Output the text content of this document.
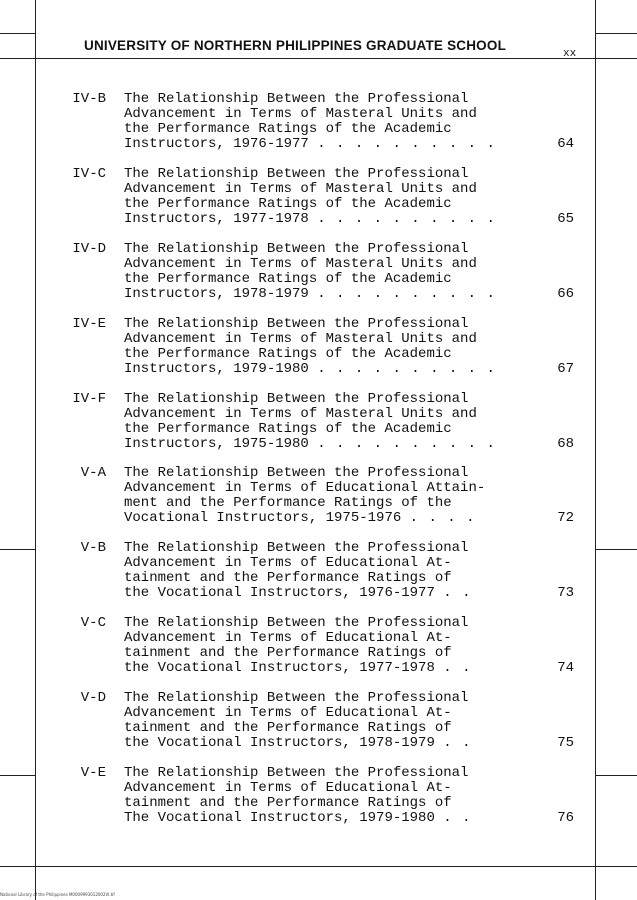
UNIVERSITY OF NORTHERN PHILIPPINES GRADUATE SCHOOL
xx
IV-B The Relationship Between the Professional
Advancement in Terms of Masteral Units and
the Performance Ratings of the Academic
Instructors, 1976-1977 . . . . . . . . . .	64
IV-C The Relationship Between the Professional
Advancement in Terms of Masteral Units and
the Performance Ratings of the Academic
Instructors, 1977-1978 . . . . . . . . . .	65
IV-D The Relationship Between the Professional
Advancement in Terms of Masteral Units and
the Performance Ratings of the Academic
Instructors, 1978-1979 . . . . . . . . . .	66
IV-E The Relationship Between the Professional
Advancement in Terms of Masteral Units and
the Performance Ratings of the Academic
Instructors, 1979-1980 . . . . . . . . . .	67
IV-F The Relationship Between the Professional
Advancement in Terms of Masteral Units and
the Performance Ratings of the Academic
Instructors, 1975-1980 . . . . . . . . . .	68
V-A The Relationship Between the Professional
Advancement in Terms of Educational Attain-
ment and the Performance Ratings of the
Vocational Instructors, 1975-1976 . . . .	72
V-B The Relationship Between the Professional
Advancement in Terms of Educational At-
tainment and the Performance Ratings of
the Vocational Instructors, 1976-1977 . .	73
V-C The Relationship Between the Professional
Advancement in Terms of Educational At-
tainment and the Performance Ratings of
the Vocational Instructors, 1977-1978 . .	74
V-D The Relationship Between the Professional
Advancement in Terms of Educational At-
tainment and the Performance Ratings of
the Vocational Instructors, 1978-1979 . .	75
V-E The Relationship Between the Professional
Advancement in Terms of Educational At-
tainment and the Performance Ratings of
The Vocational Instructors, 1979-1980 . .	76
National Library of the Philippines M0009993012002VI.tif
